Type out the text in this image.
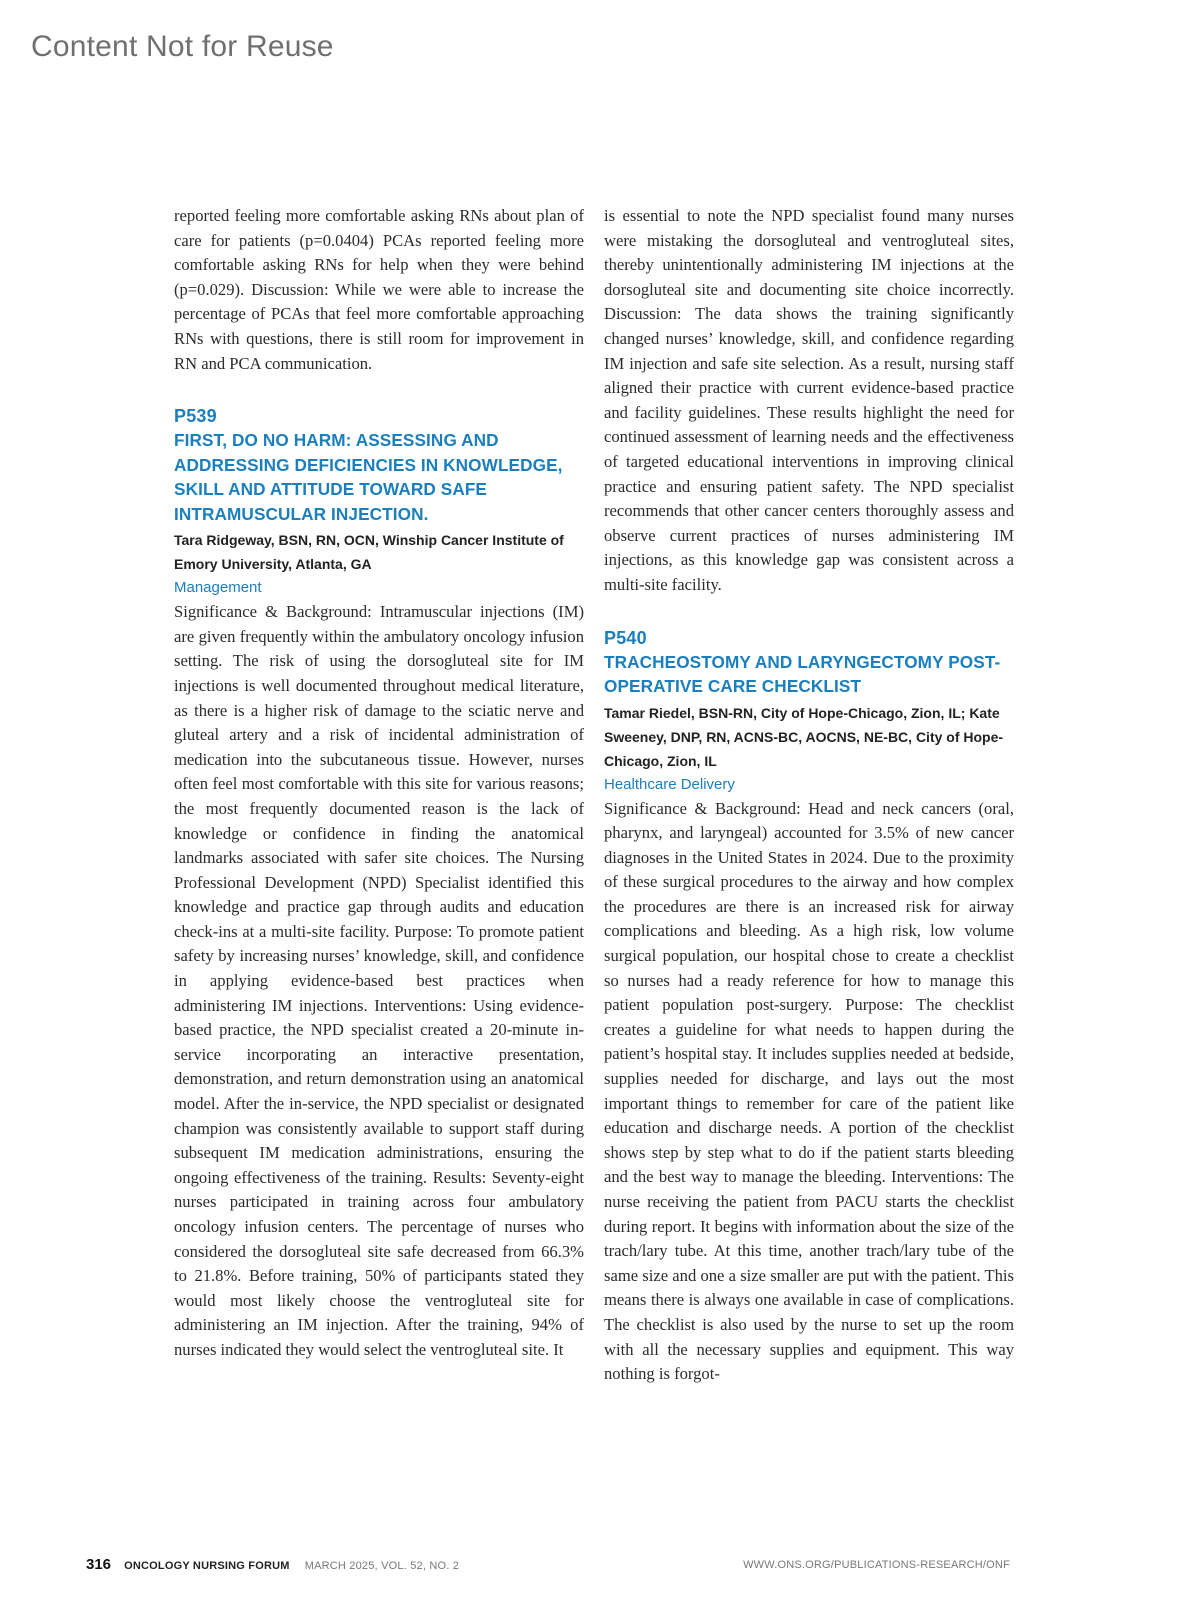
Content Not for Reuse

reported feeling more comfortable asking RNs about plan of care for patients (p=0.0404) PCAs reported feeling more comfortable asking RNs for help when they were behind (p=0.029). Discussion: While we were able to increase the percentage of PCAs that feel more comfortable approaching RNs with questions, there is still room for improvement in RN and PCA communication.

P539

FIRST, DO NO HARM: ASSESSING AND ADDRESSING DEFICIENCIES IN KNOWLEDGE, SKILL AND ATTITUDE TOWARD SAFE INTRAMUSCULAR INJECTION.

Tara Ridgeway, BSN, RN, OCN, Winship Cancer Institute of Emory University, Atlanta, GA

Management

Significance & Background: Intramuscular injections (IM) are given frequently within the ambulatory oncology infusion setting. The risk of using the dorsogluteal site for IM injections is well documented throughout medical literature, as there is a higher risk of damage to the sciatic nerve and gluteal artery and a risk of incidental administration of medication into the subcutaneous tissue. However, nurses often feel most comfortable with this site for various reasons; the most frequently documented reason is the lack of knowledge or confidence in finding the anatomical landmarks associated with safer site choices. The Nursing Professional Development (NPD) Specialist identified this knowledge and practice gap through audits and education check-ins at a multi-site facility. Purpose: To promote patient safety by increasing nurses’ knowledge, skill, and confidence in applying evidence-based best practices when administering IM injections. Interventions: Using evidence-based practice, the NPD specialist created a 20-minute in-service incorporating an interactive presentation, demonstration, and return demonstration using an anatomical model. After the in-service, the NPD specialist or designated champion was consistently available to support staff during subsequent IM medication administrations, ensuring the ongoing effectiveness of the training. Results: Seventy-eight nurses participated in training across four ambulatory oncology infusion centers. The percentage of nurses who considered the dorsogluteal site safe decreased from 66.3% to 21.8%. Before training, 50% of participants stated they would most likely choose the ventrogluteal site for administering an IM injection. After the training, 94% of nurses indicated they would select the ventrogluteal site. It

is essential to note the NPD specialist found many nurses were mistaking the dorsogluteal and ventrogluteal sites, thereby unintentionally administering IM injections at the dorsogluteal site and documenting site choice incorrectly. Discussion: The data shows the training significantly changed nurses’ knowledge, skill, and confidence regarding IM injection and safe site selection. As a result, nursing staff aligned their practice with current evidence-based practice and facility guidelines. These results highlight the need for continued assessment of learning needs and the effectiveness of targeted educational interventions in improving clinical practice and ensuring patient safety. The NPD specialist recommends that other cancer centers thoroughly assess and observe current practices of nurses administering IM injections, as this knowledge gap was consistent across a multi-site facility.

P540

TRACHEOSTOMY AND LARYNGECTOMY POST-OPERATIVE CARE CHECKLIST

Tamar Riedel, BSN-RN, City of Hope-Chicago, Zion, IL; Kate Sweeney, DNP, RN, ACNS-BC, AOCNS, NE-BC, City of Hope- Chicago, Zion, IL

Healthcare Delivery

Significance & Background: Head and neck cancers (oral, pharynx, and laryngeal) accounted for 3.5% of new cancer diagnoses in the United States in 2024. Due to the proximity of these surgical procedures to the airway and how complex the procedures are there is an increased risk for airway complications and bleeding. As a high risk, low volume surgical population, our hospital chose to create a checklist so nurses had a ready reference for how to manage this patient population post-surgery. Purpose: The checklist creates a guideline for what needs to happen during the patient’s hospital stay. It includes supplies needed at bedside, supplies needed for discharge, and lays out the most important things to remember for care of the patient like education and discharge needs. A portion of the checklist shows step by step what to do if the patient starts bleeding and the best way to manage the bleeding. Interventions: The nurse receiving the patient from PACU starts the checklist during report. It begins with information about the size of the trach/lary tube. At this time, another trach/lary tube of the same size and one a size smaller are put with the patient. This means there is always one available in case of complications. The checklist is also used by the nurse to set up the room with all the necessary supplies and equipment. This way nothing is forgot-

316 ONCOLOGY NURSING FORUM MARCH 2025, VOL. 52, NO. 2	WWW.ONS.ORG/PUBLICATIONS-RESEARCH/ONF
